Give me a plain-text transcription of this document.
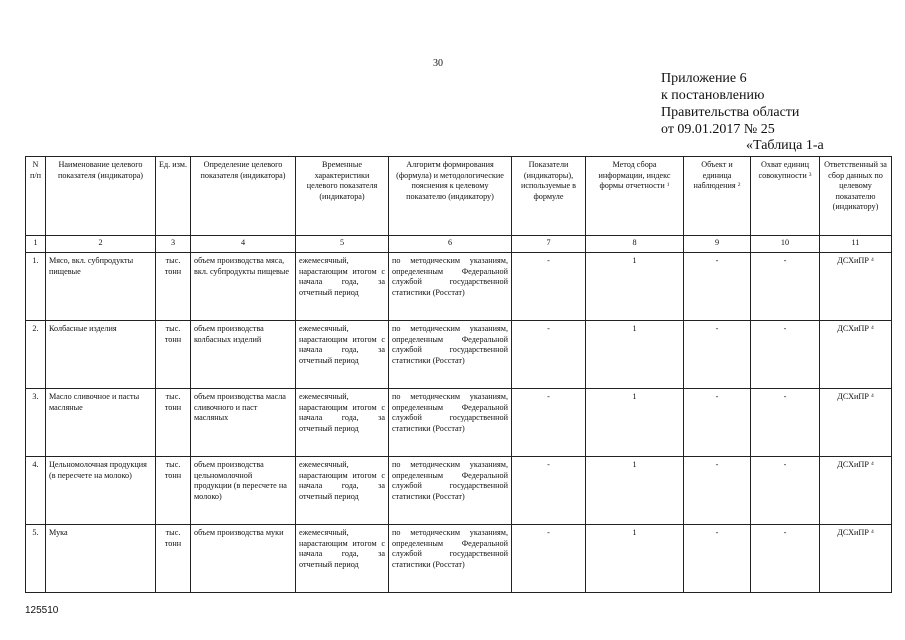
30
Приложение 6
к постановлению
Правительства области
от 09.01.2017 № 25
«Таблица 1-а
N п/п	Наименование целевого показателя (индикатора)	Ед. изм.	Определение целевого показателя (индикатора)	Временные характеристики целевого показателя (индикатора)	Алгоритм формирования (формула) и методологические пояснения к целевому показателю (индикатору)	Показатели (индикаторы), используемые в формуле	Метод сбора информации, индекс формы отчетности $^1$	Объект и единица наблюдения $^2$	Охват единиц совокупности $^3$	Ответственный за сбор данных по целевому показателю (индикатору)
1	2	3	4	5	6	7	8	9	10	11
1.	Мясо, вкл. субпродукты пищевые	тыс. тонн	объем производства мяса, вкл. субпродукты пищевые	ежемесячный, нарастающим итогом с начала года, за отчетный период	по методическим указаниям, определенным Федеральной службой государственной статистики (Росстат)	-	1	-	-	ДСХиПР $^4$
2.	Колбасные изделия	тыс. тонн	объем производства колбасных изделий	ежемесячный, нарастающим итогом с начала года, за отчетный период	по методическим указаниям, определенным Федеральной службой государственной статистики (Росстат)	-	1	-	-	ДСХиПР $^4$
3.	Масло сливочное и пасты масляные	тыс. тонн	объем производства масла сливочного и паст масляных	ежемесячный, нарастающим итогом с начала года, за отчетный период	по методическим указаниям, определенным Федеральной службой государственной статистики (Росстат)	-	1	-	-	ДСХиПР $^4$
4.	Цельномолочная продукция (в пересчете на молоко)	тыс. тонн	объем производства цельномолочной продукции (в пересчете на молоко)	ежемесячный, нарастающим итогом с начала года, за отчетный период	по методическим указаниям, определенным Федеральной службой государственной статистики (Росстат)	-	1	-	-	ДСХиПР $^4$
5.	Мука	тыс. тонн	объем производства муки	ежемесячный, нарастающим итогом с начала года, за отчетный период	по методическим указаниям, определенным Федеральной службой государственной статистики (Росстат)	-	1	-	-	ДСХиПР $^4$
125510
